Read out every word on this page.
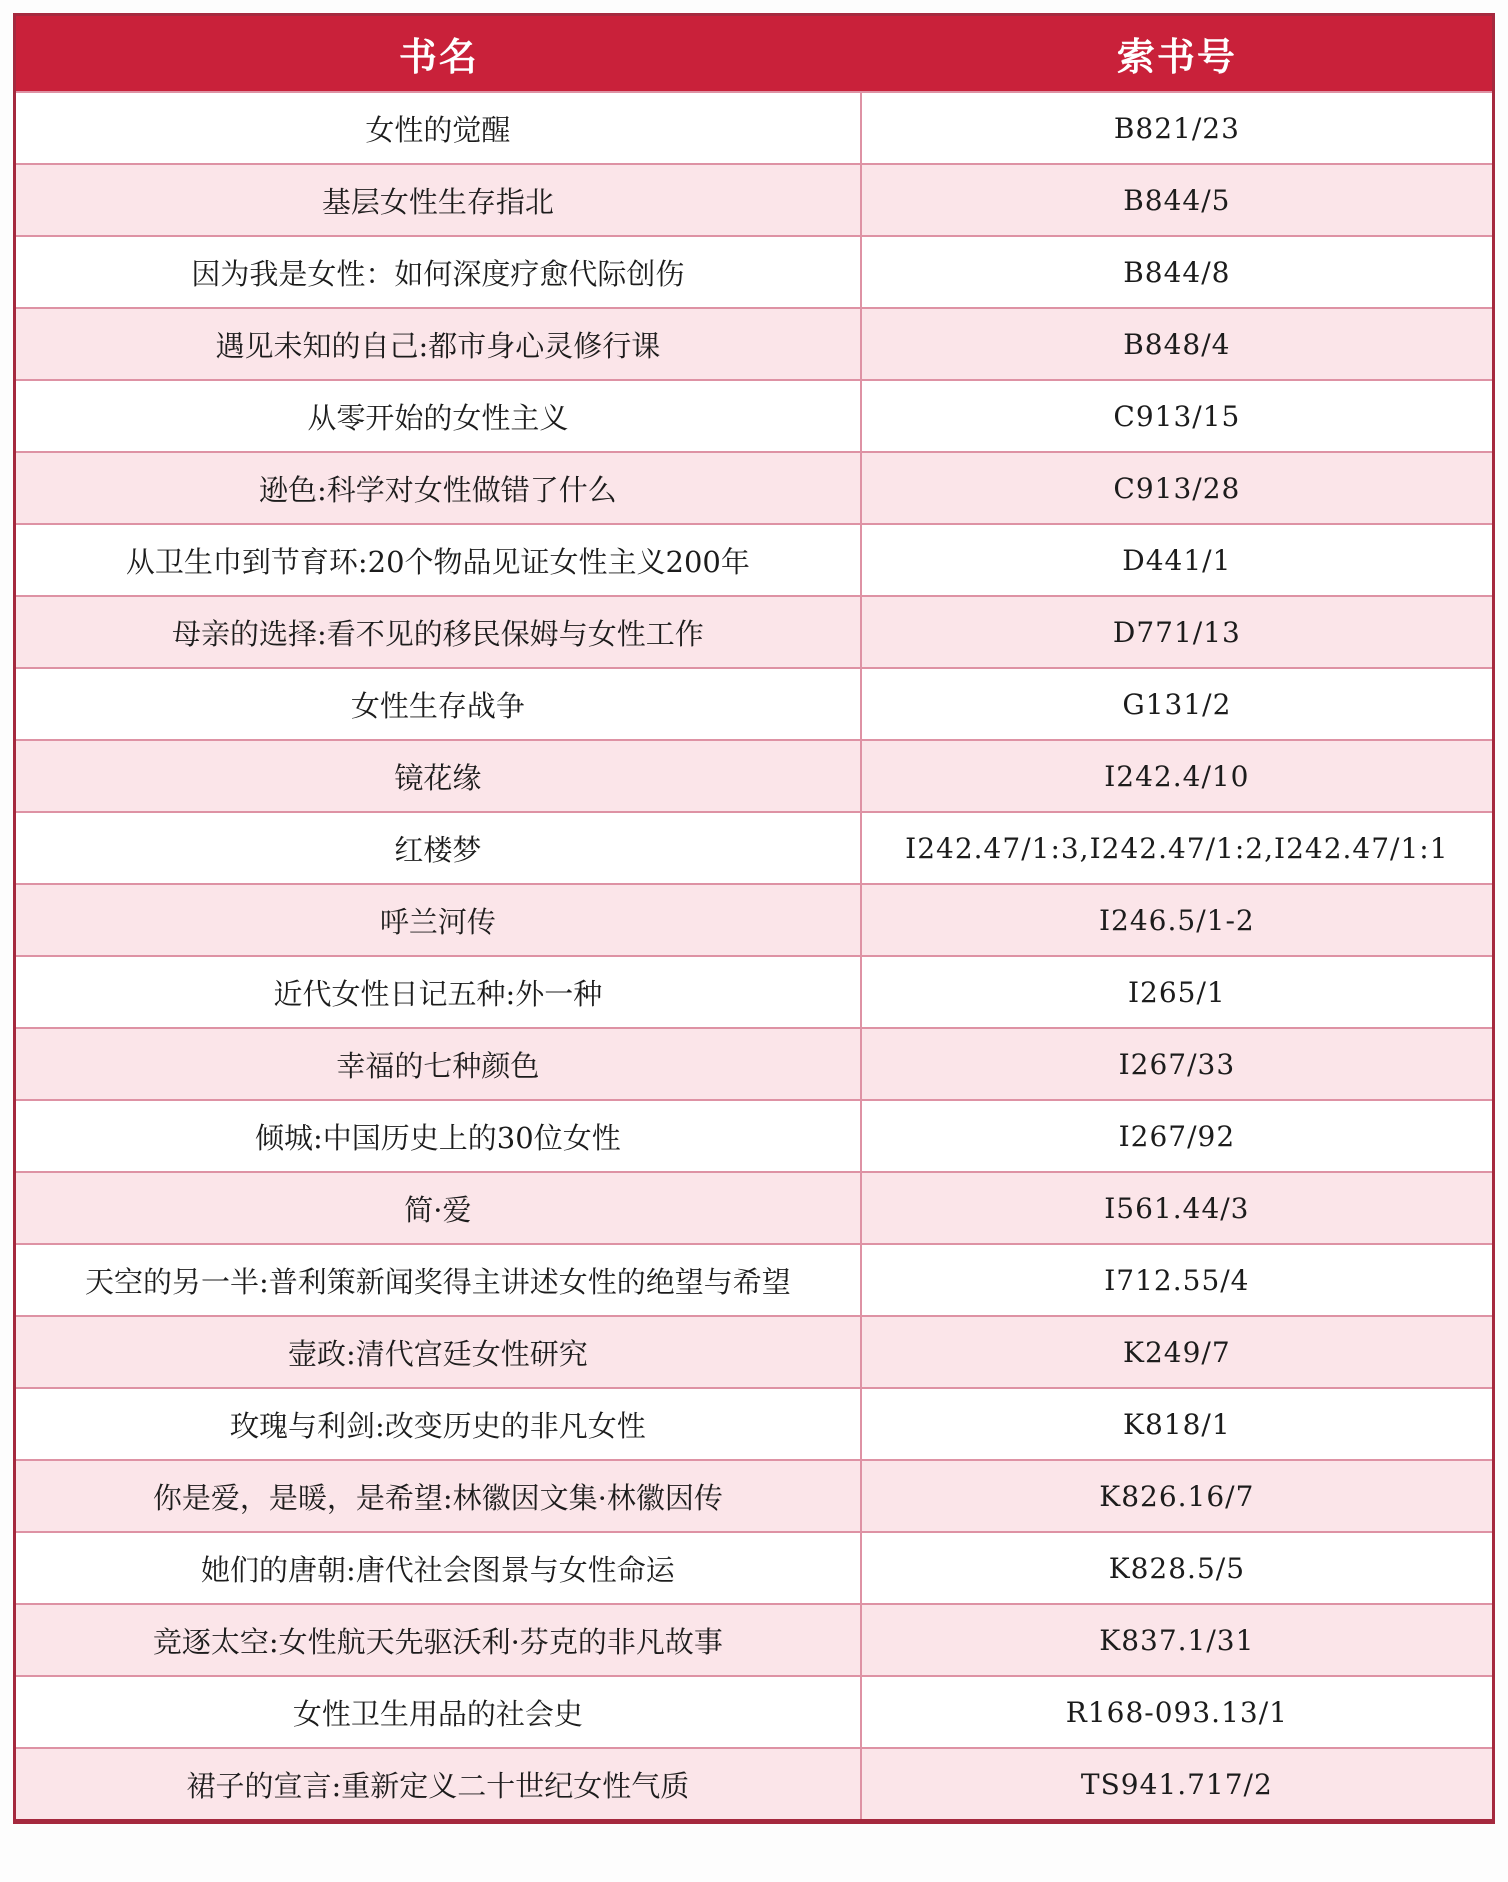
书名	索书号
女性的觉醒	B821/23
基层女性生存指北	B844/5
因为我是女性：如何深度疗愈代际创伤	B844/8
遇见未知的自己:都市身心灵修行课	B848/4
从零开始的女性主义	C913/15
逊色:科学对女性做错了什么	C913/28
从卫生巾到节育环:20个物品见证女性主义200年	D441/1
母亲的选择:看不见的移民保姆与女性工作	D771/13
女性生存战争	G131/2
镜花缘	I242.4/10
红楼梦	I242.47/1:3,I242.47/1:2,I242.47/1:1
呼兰河传	I246.5/1-2
近代女性日记五种:外一种	I265/1
幸福的七种颜色	I267/33
倾城:中国历史上的30位女性	I267/92
简·爱	I561.44/3
天空的另一半:普利策新闻奖得主讲述女性的绝望与希望	I712.55/4
壸政:清代宫廷女性研究	K249/7
玫瑰与利剑:改变历史的非凡女性	K818/1
你是爱，是暖，是希望:林徽因文集·林徽因传	K826.16/7
她们的唐朝:唐代社会图景与女性命运	K828.5/5
竞逐太空:女性航天先驱沃利·芬克的非凡故事	K837.1/31
女性卫生用品的社会史	R168-093.13/1
裙子的宣言:重新定义二十世纪女性气质	TS941.717/2
